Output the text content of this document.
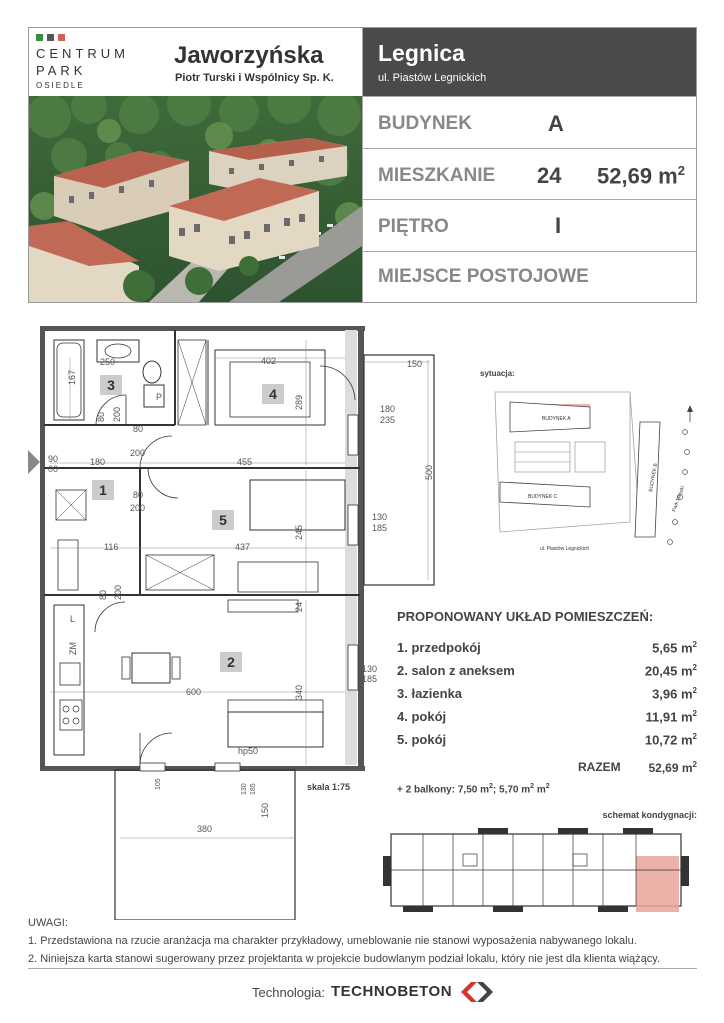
CENTRUM
PARK
OSIEDLE
Jaworzyńska
Piotr Turski i Wspólnicy Sp. K.
Legnica
ul. Piastów Legnickich
BUDYNEK	A
MIESZKANIE 24 52,69 $m^2$
PIĘTRO	I
MIEJSCE POSTOJOWE
3
4
1
5
2
250	402	150
90
00
180	455
116	437
600
380
80
200
80
200
180
235
130
185
130
185
hp50
L
P
167
289
245
24
340
500
80 200
80 200
ZM
105	130 185
150
skala 1:75
sytuacja:
BUDYNEK A
BUDYNEK C
BUDYNEK B
ul. Piastów Legnickich
Park Miejski
PROPONOWANY UKŁAD POMIESZCZEŃ:
1. przedpokój	5,65 $m^2$
2. salon z aneksem	20,45 $m^2$
3. łazienka	3,96 $m^2$
4. pokój	11,91 $m^2$
5. pokój	10,72 $m^2$
RAZEM 52,69 $m^2$
+ 2 balkony: 7,50 $m^2$; 5,70 $m^2$ $m^2$
schemat kondygnacji:
UWAGI:
1. Przedstawiona na rzucie aranżacja ma charakter przykładowy, umeblowanie nie stanowi wyposażenia nabywanego lokalu.
2. Niniejsza karta stanowi sugerowany przez projektanta w projekcie budowlanym podział lokalu, który nie jest dla klienta wiążący.
Technologia: TECHNOBETON
